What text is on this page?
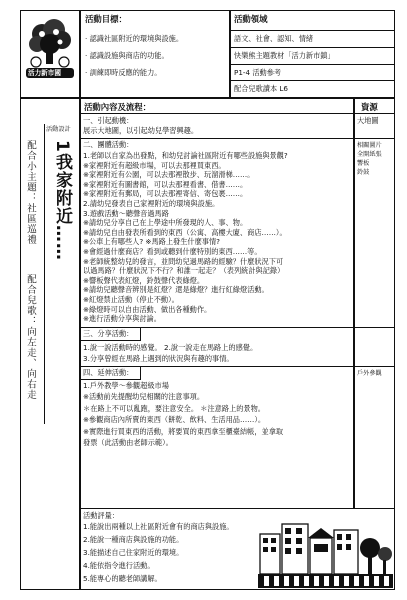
活力新市國
活動目標：
‧ 認識社區附近的環境與設施。
‧ 認識設施與商店的功能。
‧ 訓練即時反應的能力。
活動領域
語文、社會、認知、情緒
快樂熊主題教材「活力新市鎮」
P1-4 活動參考
配合兒歌讀本 L6
活動內容及流程：	資源
活動設計
配合小主題：社區巡禮
配合兒歌：向左走、向右走
1我家附近……
一、引起動機：
展示大地圖，以引起幼兒學習興趣。
大地圖
二、團體活動：
1.老師以自家為出發點，和幼兒討論社區附近有哪些設施與景觀?
※家裡附近有超級市場，可以去那裡買東西。
※家裡附近有公園，可以去那裡散步、玩溜滑梯……。
※家裡附近有圖書館，可以去那裡看書、借書……。
※家裡附近有郵局，可以去那裡寄信、寄包裹……。
2.請幼兒發表自己家裡附近的環境與設施。
3.遊戲活動～聽聲音過馬路
※請幼兒分享自己在上學途中所發現的人、事、物。
※請幼兒自由發表所看到的東西（公寓、高樓大廈、商店……）。
※公車上有哪些人? ※馬路上發生什麼事情?
※會經過什麼商店？看到或聽到什麼特別的東西……等。
※老師統整幼兒的發言，並問幼兒過馬路的經驗？什麼狀況下可
以過馬路？什麼狀況下不行？和誰一起走？（表列統計與記錄）
※響板聲代表紅燈，鈴鼓聲代表綠燈。
※請幼兒聽聲音辨別是紅燈？還是綠燈？進行紅綠燈活動。
※紅燈禁止活動（停止不動）。
※綠燈時可以自由活動、做出各種動作。
※進行活動分享與討論。
相關圖片
全開紙張
響板
鈴鼓
三、分享活動：
1.說一說活動時的感覺。 2.說一說走在馬路上的感覺。
3.分享曾經在馬路上遇到的狀況與有趣的事情。
四、延伸活動：
1.戶外教學～參觀超級市場
※活動前先提醒幼兒相關的注意事項。
＊在路上不可以亂跑，要注意安全。 ＊注意路上的景物。
※參觀商店內所賣的東西（餅乾、飲料、生活用品……）。
※實際進行買東西的活動，將要買的東西拿至櫃臺結帳，並拿取
發票（此活動由老師示範）。
戶外參觀
活動評量：
1.能說出兩種以上社區附近會有的商店與設施。
2.能說一種商店與設施的功能。
3.能描述自己住家附近的環境。
4.能依指令進行活動。
5.能專心的聽老師講解。
